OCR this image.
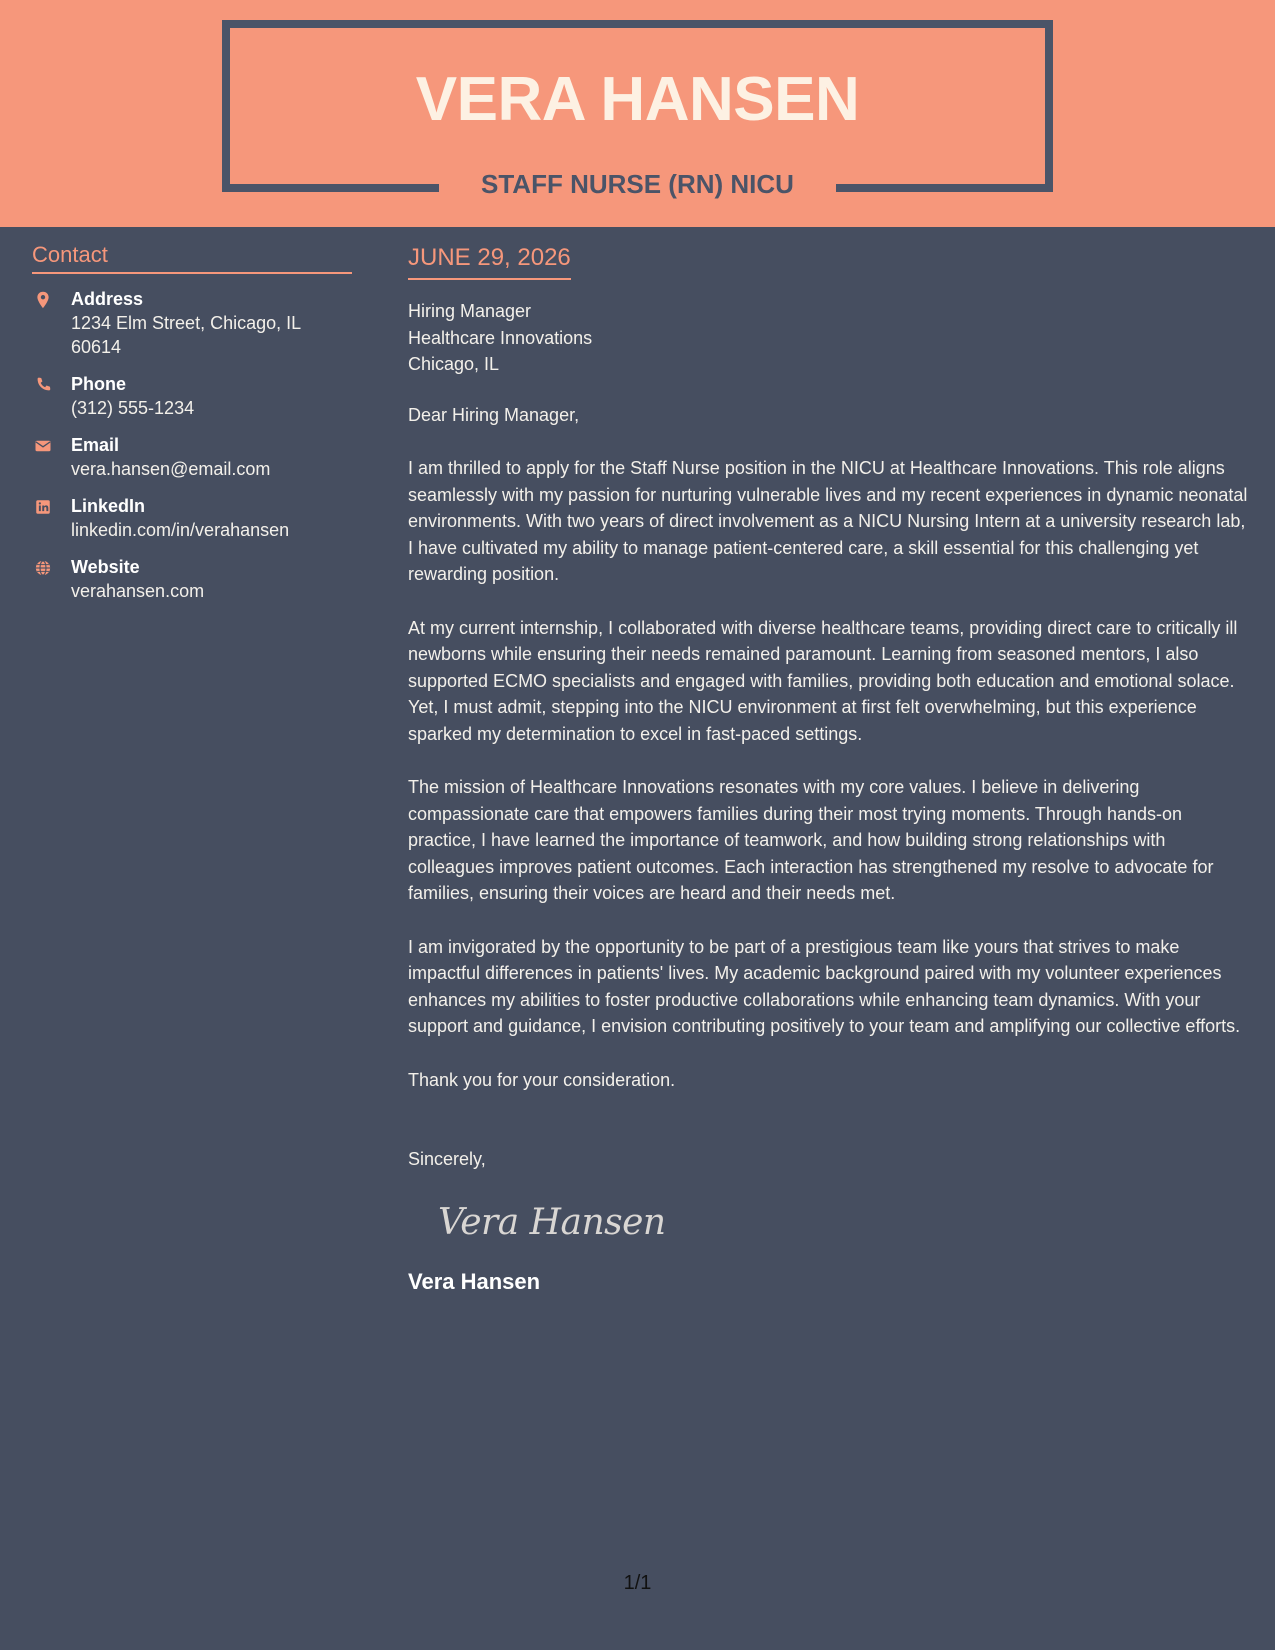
VERA HANSEN
STAFF NURSE (RN) NICU
Contact
Address
1234 Elm Street, Chicago, IL 60614
Phone
(312) 555-1234
Email
vera.hansen@email.com
LinkedIn
linkedin.com/in/verahansen
Website
verahansen.com
JUNE 29, 2026
Hiring Manager
Healthcare Innovations
Chicago, IL
Dear Hiring Manager,
I am thrilled to apply for the Staff Nurse position in the NICU at Healthcare Innovations. This role aligns seamlessly with my passion for nurturing vulnerable lives and my recent experiences in dynamic neonatal environments. With two years of direct involvement as a NICU Nursing Intern at a university research lab, I have cultivated my ability to manage patient-centered care, a skill essential for this challenging yet rewarding position.
At my current internship, I collaborated with diverse healthcare teams, providing direct care to critically ill newborns while ensuring their needs remained paramount. Learning from seasoned mentors, I also supported ECMO specialists and engaged with families, providing both education and emotional solace. Yet, I must admit, stepping into the NICU environment at first felt overwhelming, but this experience sparked my determination to excel in fast-paced settings.
The mission of Healthcare Innovations resonates with my core values. I believe in delivering compassionate care that empowers families during their most trying moments. Through hands-on practice, I have learned the importance of teamwork, and how building strong relationships with colleagues improves patient outcomes. Each interaction has strengthened my resolve to advocate for families, ensuring their voices are heard and their needs met.
I am invigorated by the opportunity to be part of a prestigious team like yours that strives to make impactful differences in patients' lives. My academic background paired with my volunteer experiences enhances my abilities to foster productive collaborations while enhancing team dynamics. With your support and guidance, I envision contributing positively to your team and amplifying our collective efforts.
Thank you for your consideration.
Sincerely,
Vera Hansen
Vera Hansen
1/1
